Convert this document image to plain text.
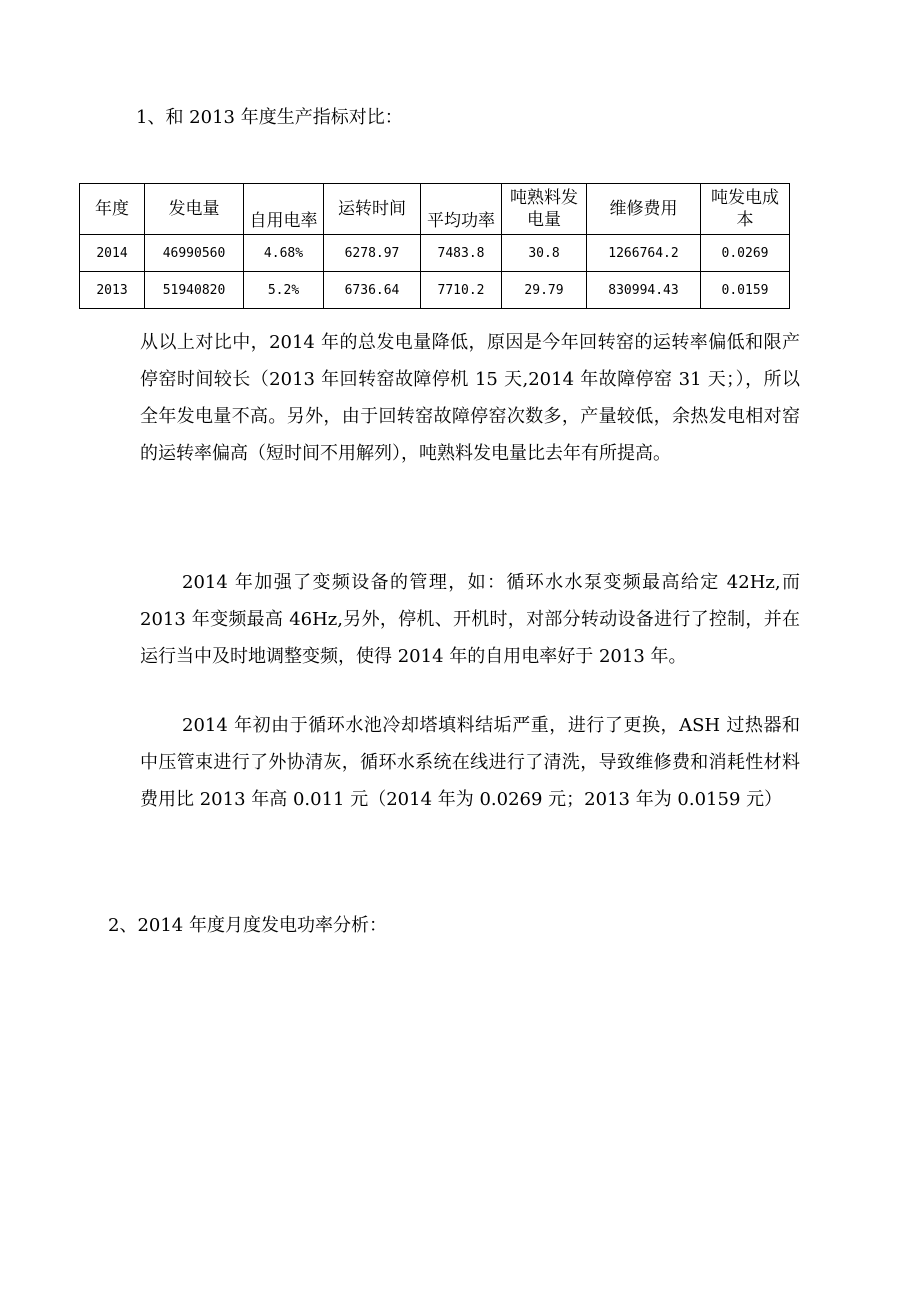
1、和 2013 年度生产指标对比：
年度	发电量	自用电率	运转时间	平均功率	吨熟料发电量	维修费用	吨发电成本
2014	46990560	4.68%	6278.97	7483.8	30.8	1266764.2	0.0269
2013	51940820	5.2%	6736.64	7710.2	29.79	830994.43	0.0159

从以上对比中，2014 年的总发电量降低，原因是今年回转窑的运转率偏低和限产停窑时间较长（2013 年回转窑故障停机 15 天,2014 年故障停窑 31 天；），所以全年发电量不高。另外，由于回转窑故障停窑次数多，产量较低，余热发电相对窑的运转率偏高（短时间不用解列），吨熟料发电量比去年有所提高。

2014 年加强了变频设备的管理，如：循环水水泵变频最高给定 42Hz,而 2013 年变频最高 46Hz,另外，停机、开机时，对部分转动设备进行了控制，并在运行当中及时地调整变频，使得 2014 年的自用电率好于 2013 年。

2014 年初由于循环水池冷却塔填料结垢严重，进行了更换，ASH 过热器和中压管束进行了外协清灰，循环水系统在线进行了清洗，导致维修费和消耗性材料费用比 2013 年高 0.011 元（2014 年为 0.0269 元；2013 年为 0.0159 元）

2、2014 年度月度发电功率分析：
